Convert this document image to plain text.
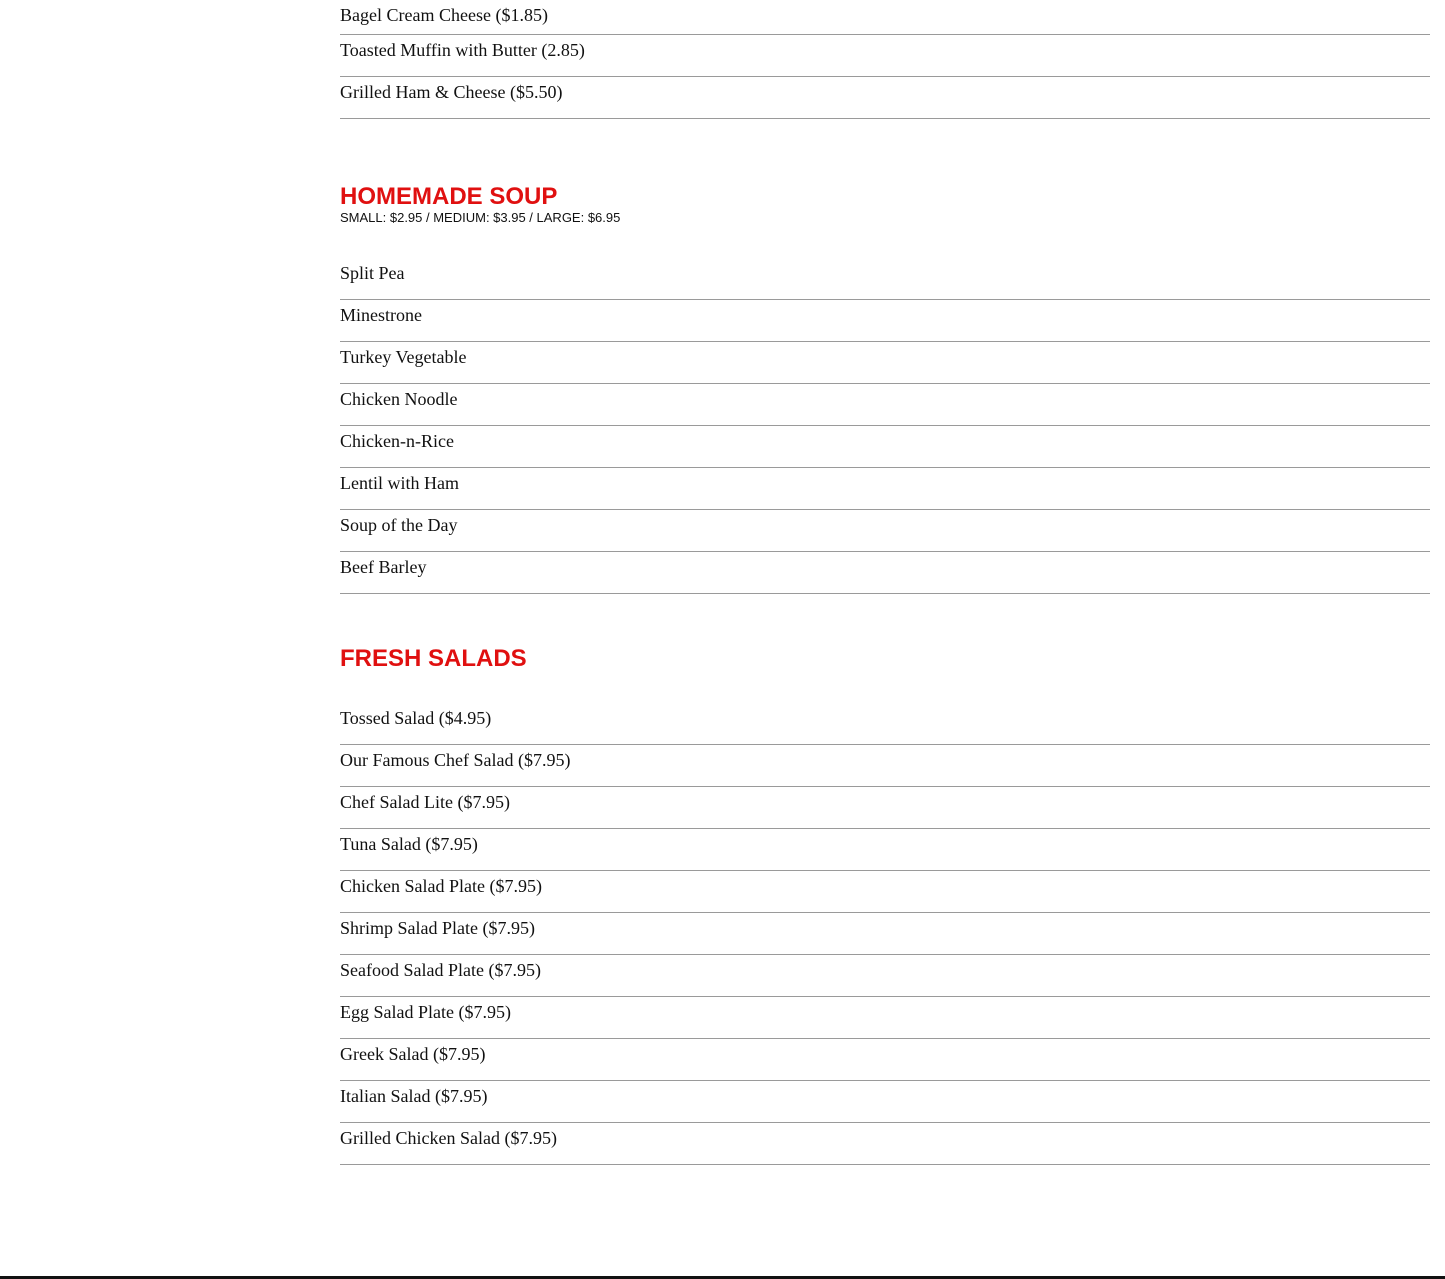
Bagel Cream Cheese ($1.85)
Toasted Muffin with Butter (2.85)
Grilled Ham & Cheese ($5.50)
HOMEMADE SOUP

SMALL: $2.95 / MEDIUM: $3.95 / LARGE: $6.95

Split Pea
Minestrone
Turkey Vegetable
Chicken Noodle
Chicken-n-Rice
Lentil with Ham
Soup of the Day
Beef Barley
FRESH SALADS
Tossed Salad ($4.95)
Our Famous Chef Salad ($7.95)
Chef Salad Lite ($7.95)
Tuna Salad ($7.95)
Chicken Salad Plate ($7.95)
Shrimp Salad Plate ($7.95)
Seafood Salad Plate ($7.95)
Egg Salad Plate ($7.95)
Greek Salad ($7.95)
Italian Salad ($7.95)
Grilled Chicken Salad ($7.95)
